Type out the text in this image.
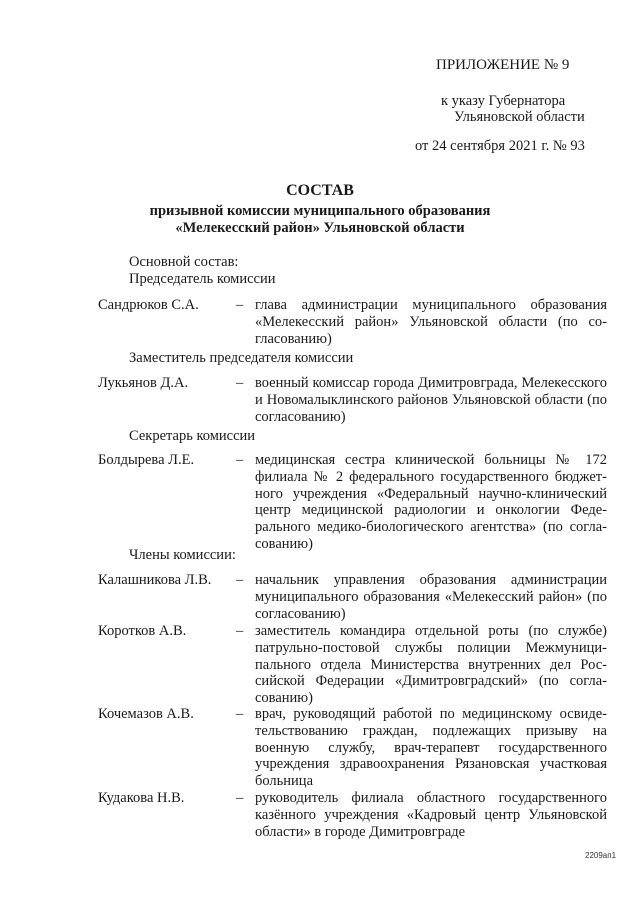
ПРИЛОЖЕНИЕ № 9
к указу Губернатора
Ульяновской области
от 24 сентября 2021 г. № 93
СОСТАВ
призывной комиссии муниципального образования
«Мелекесский район» Ульяновской области
Основной состав:
Председатель комиссии
Сандрюков С.А.	– глава администрации муниципального образования «Мелекесский район» Ульяновской области (по согласованию)
Заместитель председателя комиссии
Лукьянов Д.А.	– военный комиссар города Димитровграда, Мелекесского и Новомалыклинского районов Ульяновской области (по согласованию)
Секретарь комиссии
Болдырева Л.Е.	– медицинская сестра клинической больницы № 172 филиала № 2 федерального государственного бюджетного учреждения «Федеральный научно-клинический центр медицинской радиологии и онкологии Федерального медико-биологического агентства» (по согласованию)
Члены комиссии:
Калашникова Л.В. – начальник управления образования администрации муниципального образования «Мелекесский район» (по согласованию)
Коротков А.В.	– заместитель командира отдельной роты (по службе) патрульно-постовой службы полиции Межмуниципального отдела Министерства внутренних дел Российской Федерации «Димитровградский» (по согласованию)
Кочемазов А.В.	– врач, руководящий работой по медицинскому освидетельствованию граждан, подлежащих призыву на военную службу, врач-терапевт государственного учреждения здравоохранения Рязановская участковая больница
Кудакова Н.В.	– руководитель филиала областного государственного казённого учреждения «Кадровый центр Ульяновской области» в городе Димитровграде
2209ап1
